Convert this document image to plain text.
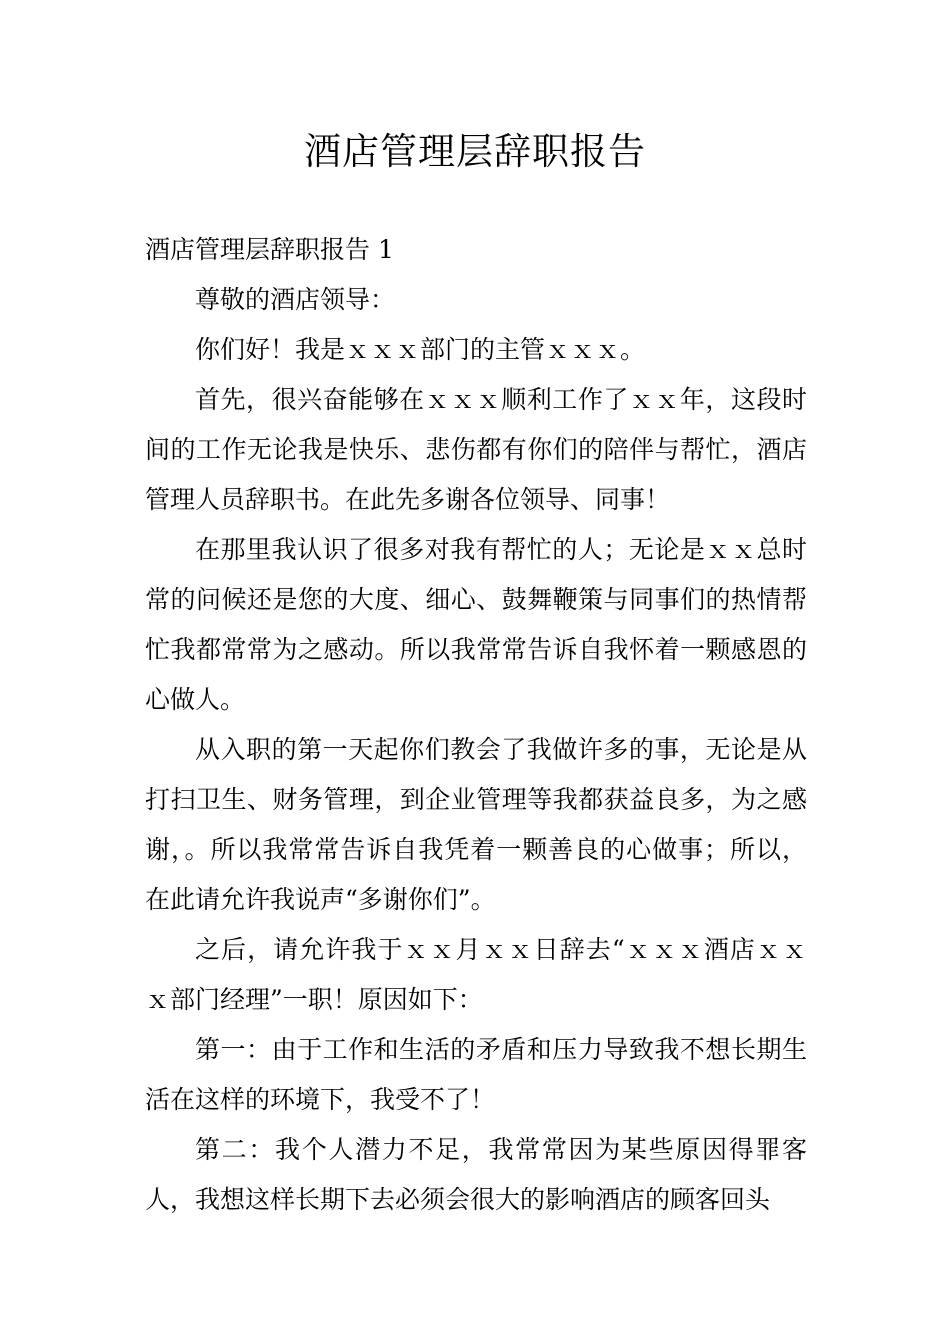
酒店管理层辞职报告

酒店管理层辞职报告 1

尊敬的酒店领导：

你们好！我是ｘｘｘ部门的主管ｘｘｘ。

首先，很兴奋能够在ｘｘｘ顺利工作了ｘｘ年，这段时间的工作无论我是快乐、悲伤都有你们的陪伴与帮忙，酒店管理人员辞职书。在此先多谢各位领导、同事！

在那里我认识了很多对我有帮忙的人；无论是ｘｘ总时常的问候还是您的大度、细心、鼓舞鞭策与同事们的热情帮忙我都常常为之感动。所以我常常告诉自我怀着一颗感恩的心做人。

从入职的第一天起你们教会了我做许多的事，无论是从打扫卫生、财务管理，到企业管理等我都获益良多，为之感谢，。所以我常常告诉自我凭着一颗善良的心做事；所以，在此请允许我说声“多谢你们”。

之后，请允许我于ｘｘ月ｘｘ日辞去“ｘｘｘ酒店ｘｘｘ部门经理”一职！原因如下：

第一：由于工作和生活的矛盾和压力导致我不想长期生活在这样的环境下，我受不了！

第二：我个人潜力不足，我常常因为某些原因得罪客人，我想这样长期下去必须会很大的影响酒店的顾客回头
